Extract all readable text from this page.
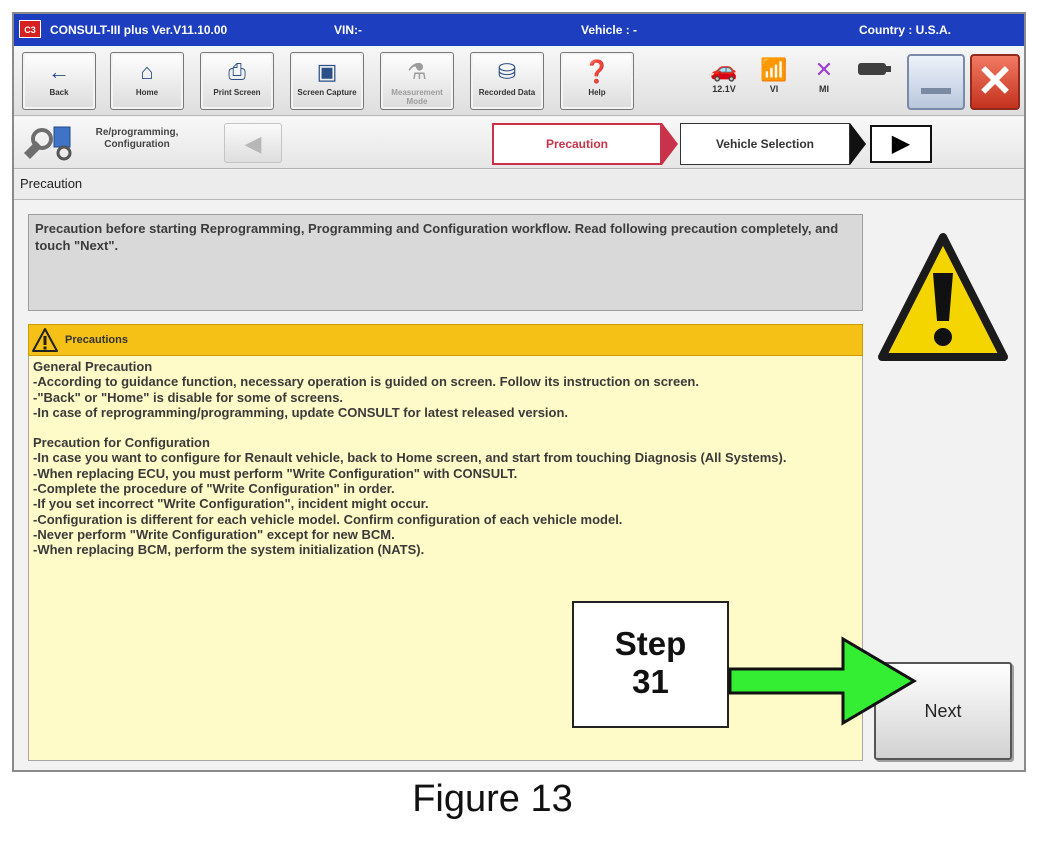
C3	CONSULT-III plus Ver.V11.10.00	VIN:-	Vehicle : -	Country : U.S.A.
←
Back
⌂
Home
⎙
Print Screen
▣
Screen Capture
⚗
Measurement Mode
⛁
Recorded Data
❓
Help
🚗
12.1V
📶
VI
✕
MI	✕
Re/programming, Configuration	◀	Precaution	Vehicle Selection	▶
Precaution
Precaution before starting Reprogramming, Programming and Configuration workflow. Read following precaution completely, and touch "Next".
Precautions

General Precaution

-According to guidance function, necessary operation is guided on screen. Follow its instruction on screen.

-"Back" or "Home" is disable for some of screens.

-In case of reprogramming/programming, update CONSULT for latest released version.

Precaution for Configuration

-In case you want to configure for Renault vehicle, back to Home screen, and start from touching Diagnosis (All Systems).

-When replacing ECU, you must perform "Write Configuration" with CONSULT.

-Complete the procedure of "Write Configuration" in order.

-If you set incorrect "Write Configuration", incident might occur.

-Configuration is different for each vehicle model. Confirm configuration of each vehicle model.

-Never perform "Write Configuration" except for new BCM.

-When replacing BCM, perform the system initialization (NATS).

Next
Step
31
Figure 13
